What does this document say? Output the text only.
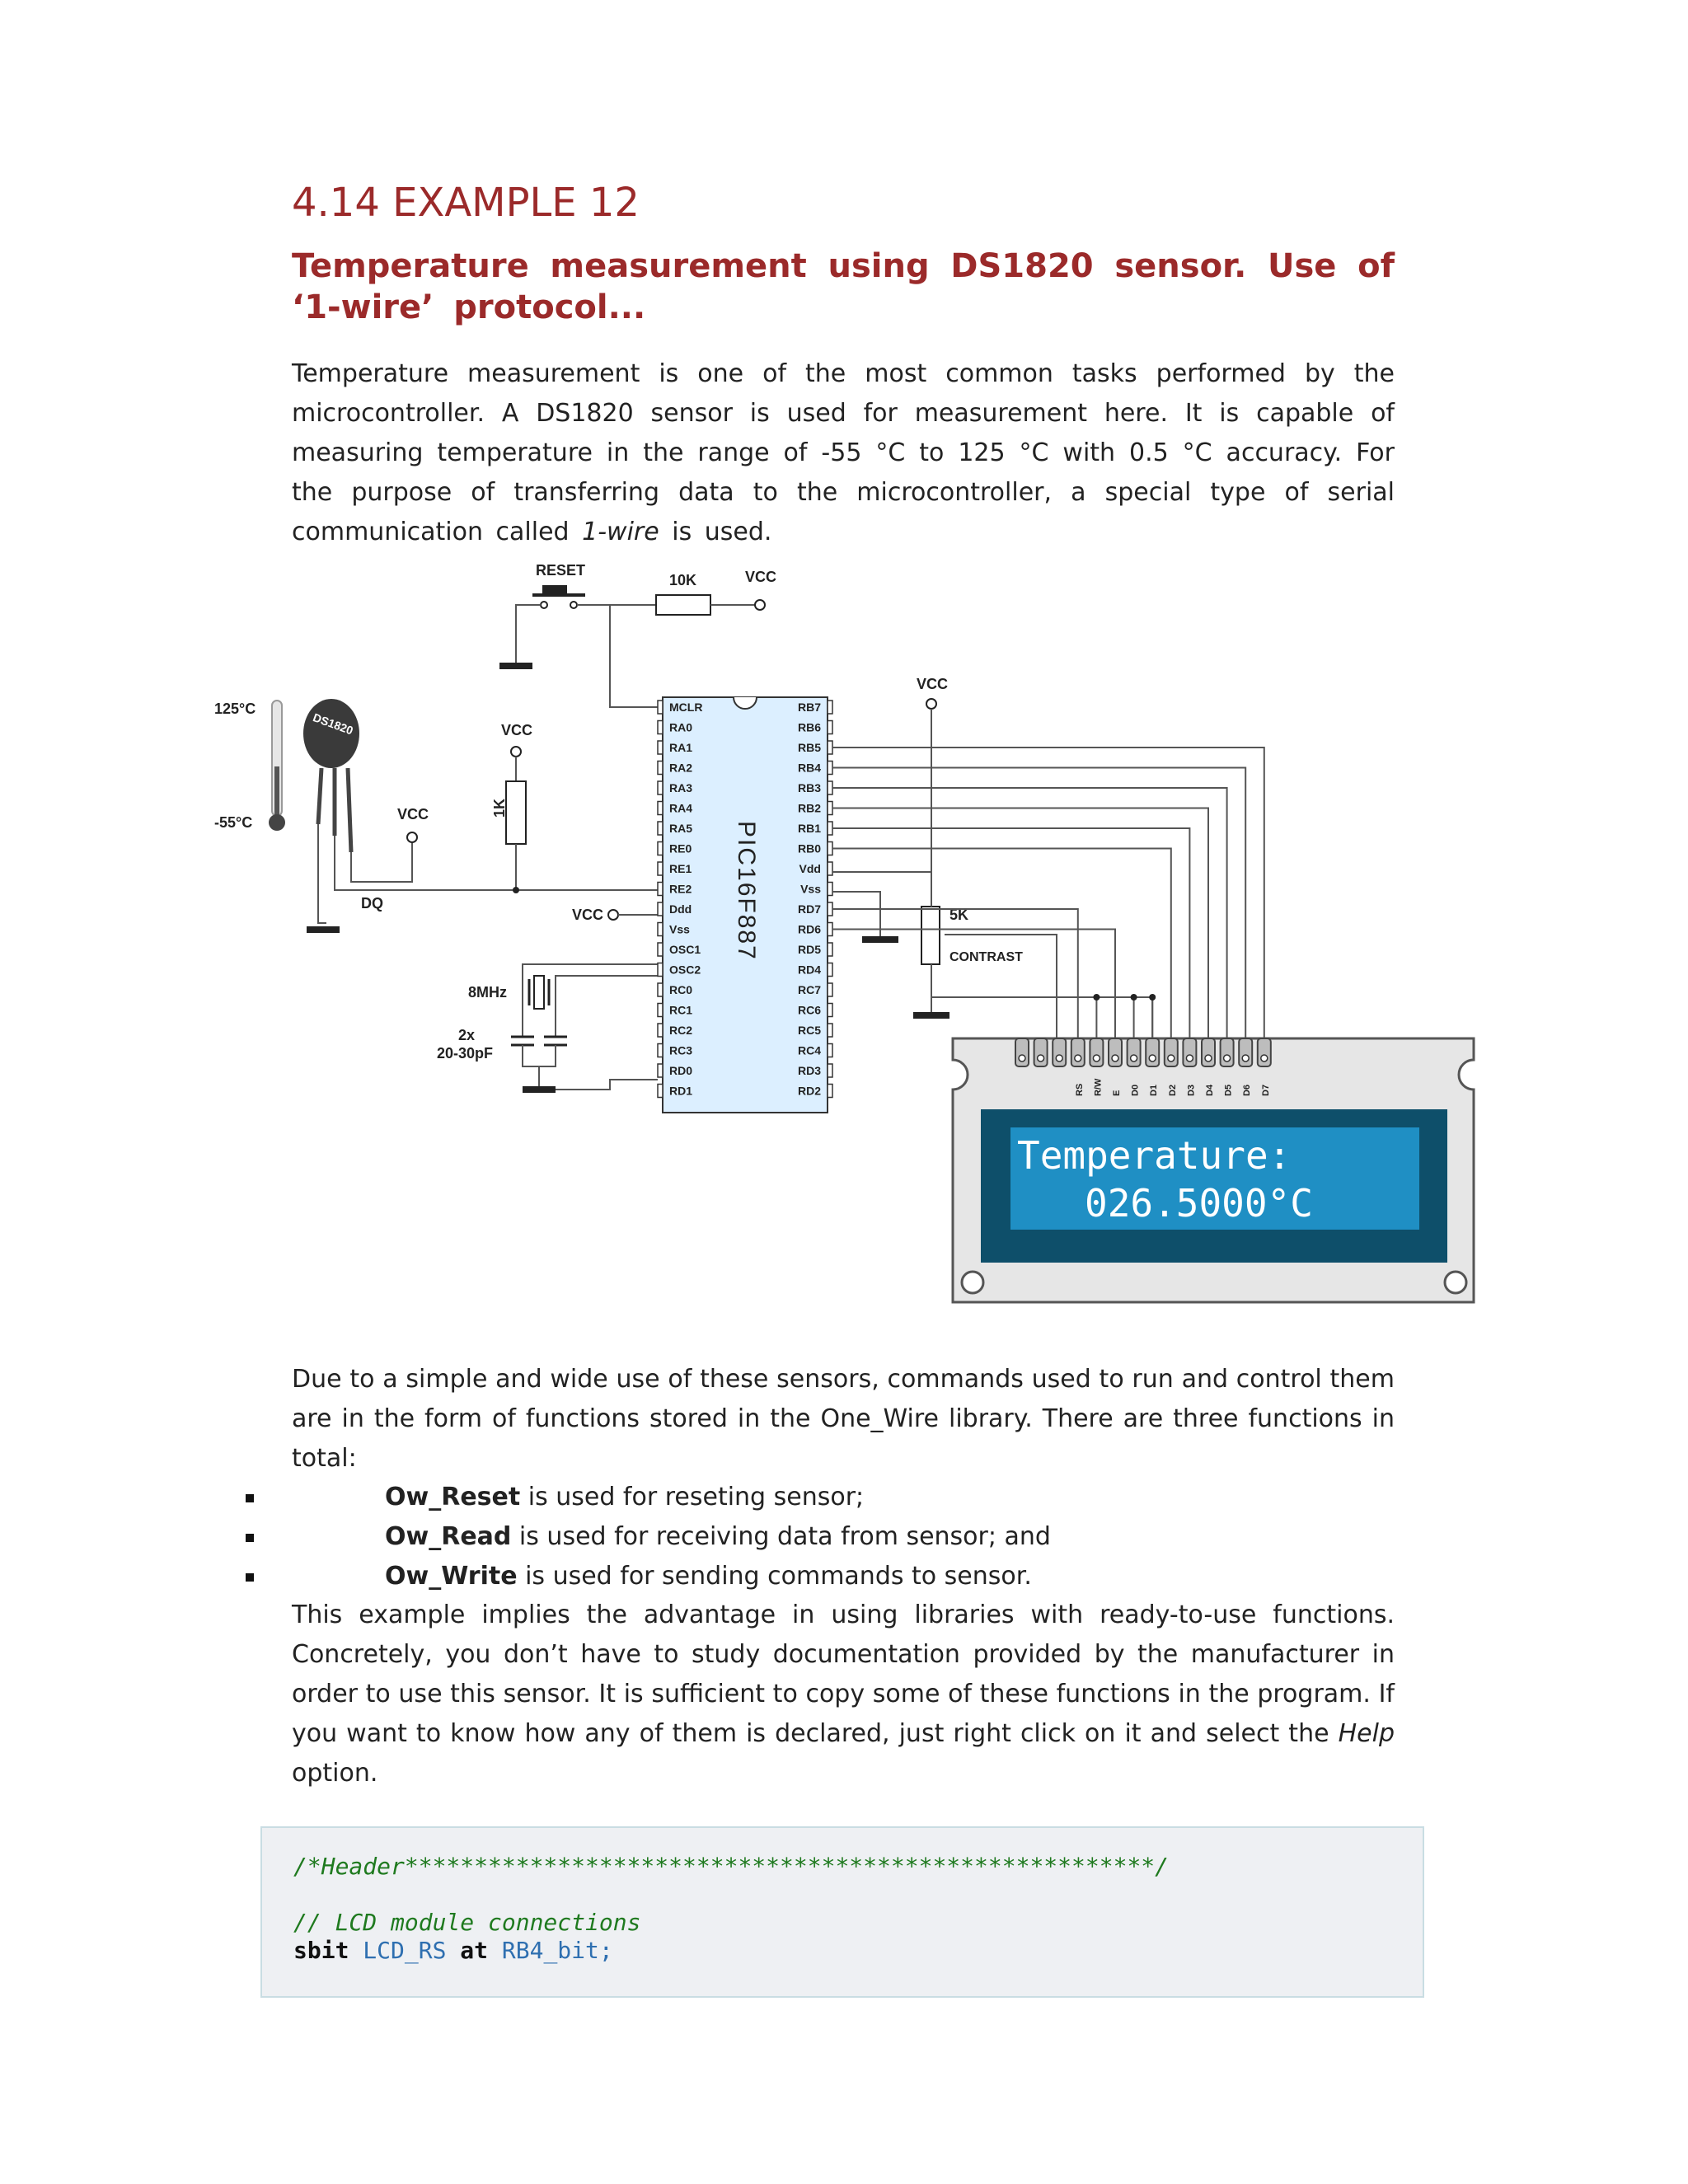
4.14 EXAMPLE 12
Temperature measurement using DS1820 sensor. Use of ‘1-wire’ protocol...

Temperature measurement is one of the most common tasks performed by the microcontroller. A DS1820 sensor is used for measurement here. It is capable of measuring temperature in the range of -55 °C to 125 °C with 0.5 °C accuracy. For the purpose of transferring data to the microcontroller, a special type of serial communication called 1-wire is used.

RESET
10K	VCC
125°C
-55°C
DS1820
DQ
VCC
VCC
1K
VCC
8MHz
2x
20-30pF
PIC16F887
MCLR
RA0
RA1
RA2
RA3
RA4
RA5
RE0
RE1
RE2
Ddd
Vss
OSC1
OSC2
RC0
RC1
RC2
RC3
RD0
RD1
RB7
RB6
RB5
RB4
RB3
RB2
RB1
RB0
Vdd
Vss
RD7
RD6
RD5
RD4
RC7
RC6
RC5
RC4
RD3
RD2
VCC
5K
CONTRAST
RS R/W E D0 D1 D2 D3 D4 D5 D6 D7
Temperature:
026.5000°C

Due to a simple and wide use of these sensors, commands used to run and control them are in the form of functions stored in the One_Wire library. There are three functions in total:

Ow_Reset is used for reseting sensor;
Ow_Read is used for receiving data from sensor; and
Ow_Write is used for sending commands to sensor.

This example implies the advantage in using libraries with ready-to-use functions. Concretely, you don’t have to study documentation provided by the manufacturer in order to use this sensor. It is sufficient to copy some of these functions in the program. If you want to know how any of them is declared, just right click on it and select the Help option.

/*Header******************************************************/

// LCD module connections
sbit LCD_RS at RB4_bit;
